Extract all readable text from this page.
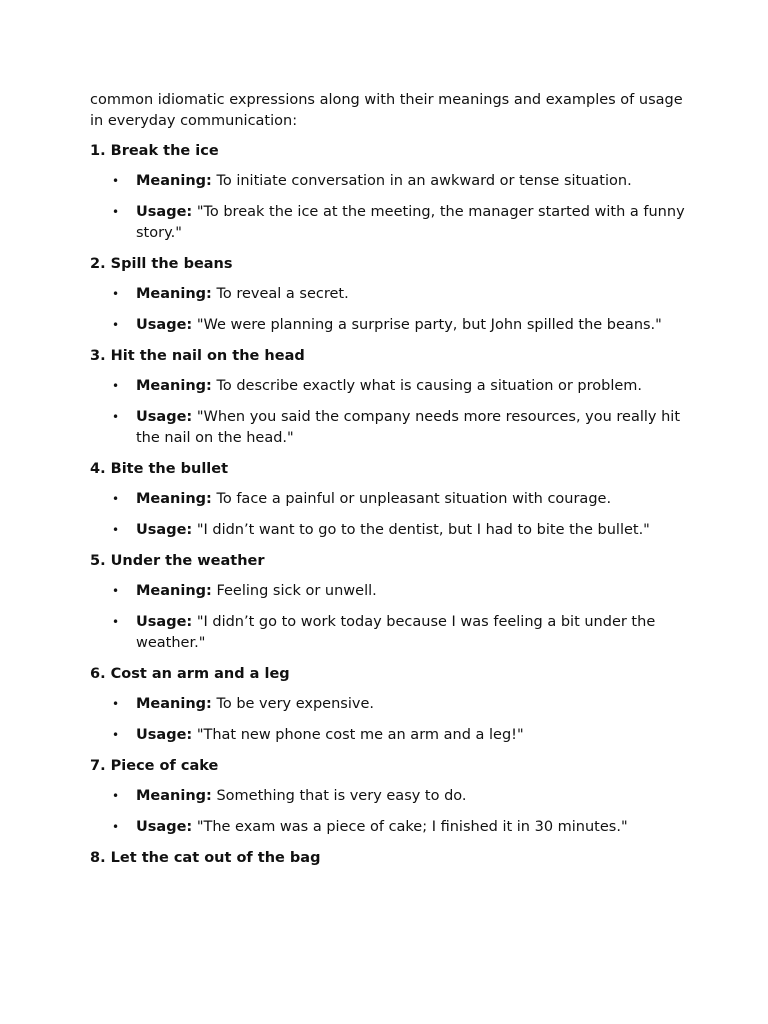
common idiomatic expressions along with their meanings and examples of usage in everyday communication:

1. Break the ice
• Meaning: To initiate conversation in an awkward or tense situation.
• Usage: "To break the ice at the meeting, the manager started with a funny story."
2. Spill the beans
• Meaning: To reveal a secret.
• Usage: "We were planning a surprise party, but John spilled the beans."
3. Hit the nail on the head
• Meaning: To describe exactly what is causing a situation or problem.
• Usage: "When you said the company needs more resources, you really hit the nail on the head."
4. Bite the bullet
• Meaning: To face a painful or unpleasant situation with courage.
• Usage: "I didn’t want to go to the dentist, but I had to bite the bullet."
5. Under the weather
• Meaning: Feeling sick or unwell.
• Usage: "I didn’t go to work today because I was feeling a bit under the weather."
6. Cost an arm and a leg
• Meaning: To be very expensive.
• Usage: "That new phone cost me an arm and a leg!"
7. Piece of cake
• Meaning: Something that is very easy to do.
• Usage: "The exam was a piece of cake; I finished it in 30 minutes."
8. Let the cat out of the bag
